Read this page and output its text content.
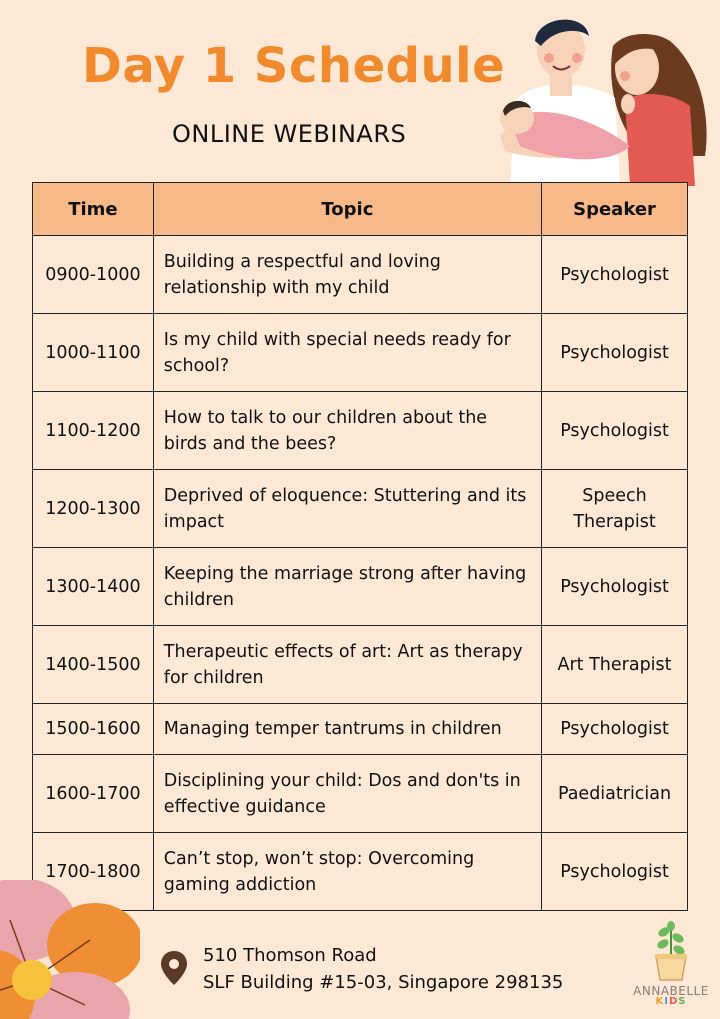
Day 1 Schedule
ONLINE WEBINARS
Time	Topic	Speaker
0900-1000	Building a respectful and loving relationship with my child	Psychologist
1000-1100	Is my child with special needs ready for school?	Psychologist
1100-1200	How to talk to our children about the birds and the bees?	Psychologist
1200-1300	Deprived of eloquence: Stuttering and its impact	Speech Therapist
1300-1400	Keeping the marriage strong after having children	Psychologist
1400-1500	Therapeutic effects of art: Art as therapy for children	Art Therapist
1500-1600	Managing temper tantrums in children	Psychologist
1600-1700	Disciplining your child: Dos and don'ts in effective guidance	Paediatrician
1700-1800	Can’t stop, won’t stop: Overcoming gaming addiction	Psychologist
510 Thomson Road
SLF Building #15-03, Singapore 298135	ANNABELLE
KIDS
